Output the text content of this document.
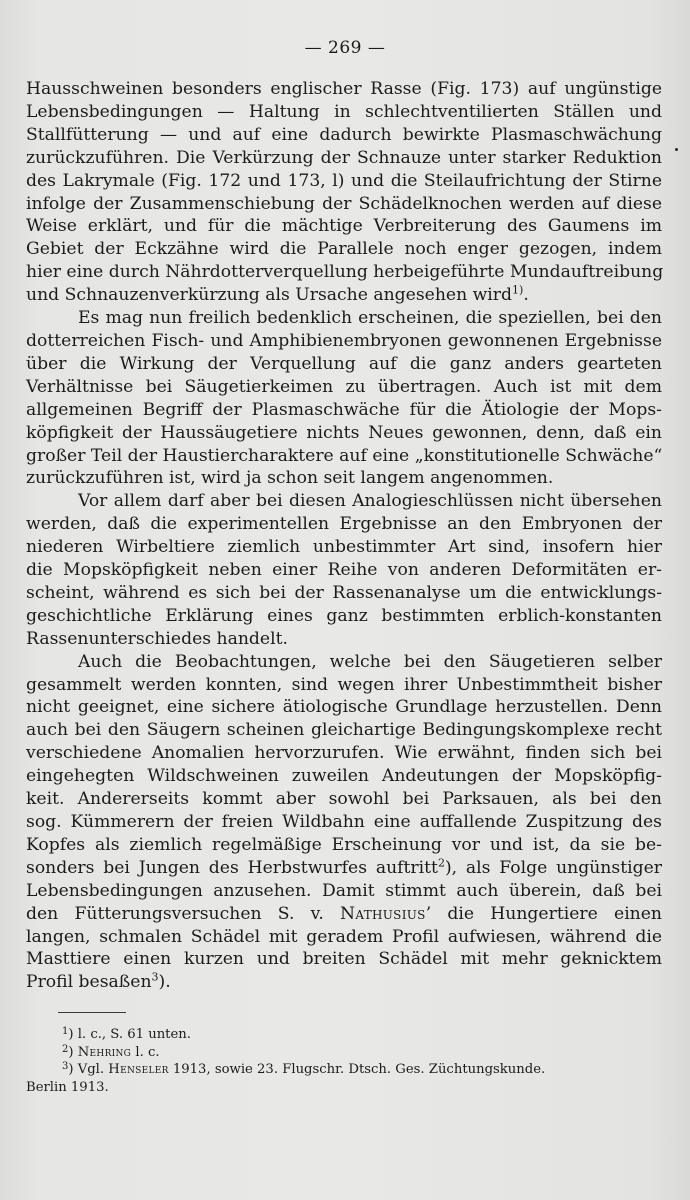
— 269 —
Hausschweinen besonders englischer Rasse (Fig. 173) auf ungünstige
Lebensbedingungen — Haltung in schlechtventilierten Ställen und
Stallfütterung — und auf eine dadurch bewirkte Plasmaschwächung
zurückzuführen. Die Verkürzung der Schnauze unter starker Reduktion
des Lakrymale (Fig. 172 und 173, l) und die Steilaufrichtung der Stirne
infolge der Zusammenschiebung der Schädelknochen werden auf diese
Weise erklärt, und für die mächtige Verbreiterung des Gaumens im
Gebiet der Eckzähne wird die Parallele noch enger gezogen, indem
hier eine durch Nährdotterverquellung herbeigeführte Mundauftreibung
und Schnauzenverkürzung als Ursache angesehen wird$^{1)}$.
Es mag nun freilich bedenklich erscheinen, die speziellen, bei den
dotterreichen Fisch- und Amphibienembryonen gewonnenen Ergebnisse
über die Wirkung der Verquellung auf die ganz anders gearteten
Verhältnisse bei Säugetierkeimen zu übertragen. Auch ist mit dem
allgemeinen Begriff der Plasmaschwäche für die Ätiologie der Mops-
köpfigkeit der Haussäugetiere nichts Neues gewonnen, denn, daß ein
großer Teil der Haustiercharaktere auf eine „konstitutionelle Schwäche“
zurückzuführen ist, wird ja schon seit langem angenommen.
Vor allem darf aber bei diesen Analogieschlüssen nicht übersehen
werden, daß die experimentellen Ergebnisse an den Embryonen der
niederen Wirbeltiere ziemlich unbestimmter Art sind, insofern hier
die Mopsköpfigkeit neben einer Reihe von anderen Deformitäten er-
scheint, während es sich bei der Rassenanalyse um die entwicklungs-
geschichtliche Erklärung eines ganz bestimmten erblich-konstanten
Rassenunterschiedes handelt.
Auch die Beobachtungen, welche bei den Säugetieren selber
gesammelt werden konnten, sind wegen ihrer Unbestimmtheit bisher
nicht geeignet, eine sichere ätiologische Grundlage herzustellen. Denn
auch bei den Säugern scheinen gleichartige Bedingungskomplexe recht
verschiedene Anomalien hervorzurufen. Wie erwähnt, finden sich bei
eingehegten Wildschweinen zuweilen Andeutungen der Mopsköpfig-
keit. Andererseits kommt aber sowohl bei Parksauen, als bei den
sog. Kümmerern der freien Wildbahn eine auffallende Zuspitzung des
Kopfes als ziemlich regelmäßige Erscheinung vor und ist, da sie be-
sonders bei Jungen des Herbstwurfes auftritt$^2$), als Folge ungünstiger
Lebensbedingungen anzusehen. Damit stimmt auch überein, daß bei
den Fütterungsversuchen S. v. Nathusius’ die Hungertiere einen
langen, schmalen Schädel mit geradem Profil aufwiesen, während die
Masttiere einen kurzen und breiten Schädel mit mehr geknicktem
Profil besaßen$^3$).
$^1$) l. c., S. 61 unten.
$^2$) Nehring l. c.
$^3$) Vgl. Henseler 1913, sowie 23. Flugschr. Dtsch. Ges. Züchtungskunde.
Berlin 1913.
